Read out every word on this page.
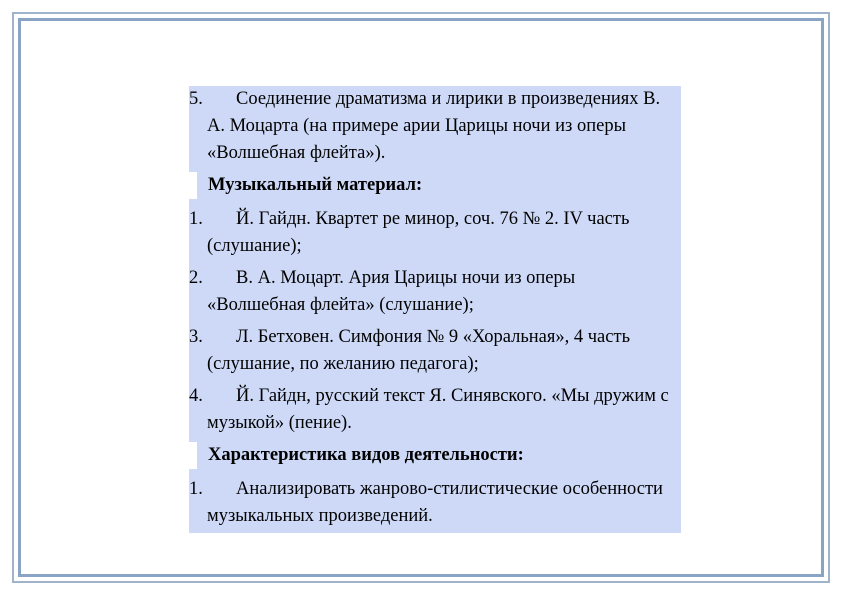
5. Соединение драматизма и лирики в произведениях В. А. Моцарта (на примере арии Царицы ночи из оперы «Волшебная флейта»).
Музыкальный материал:
1. Й. Гайдн. Квартет ре минор, соч. 76 № 2. IV часть (слушание);
2. В. А. Моцарт. Ария Царицы ночи из оперы «Волшебная флейта» (слушание);
3. Л. Бетховен. Симфония № 9 «Хоральная», 4 часть (слушание, по желанию педагога);
4. Й. Гайдн, русский текст Я. Синявского. «Мы дружим с музыкой» (пение).
Характеристика видов деятельности:
1. Анализировать жанрово-стилистические особенности музыкальных произведений.
